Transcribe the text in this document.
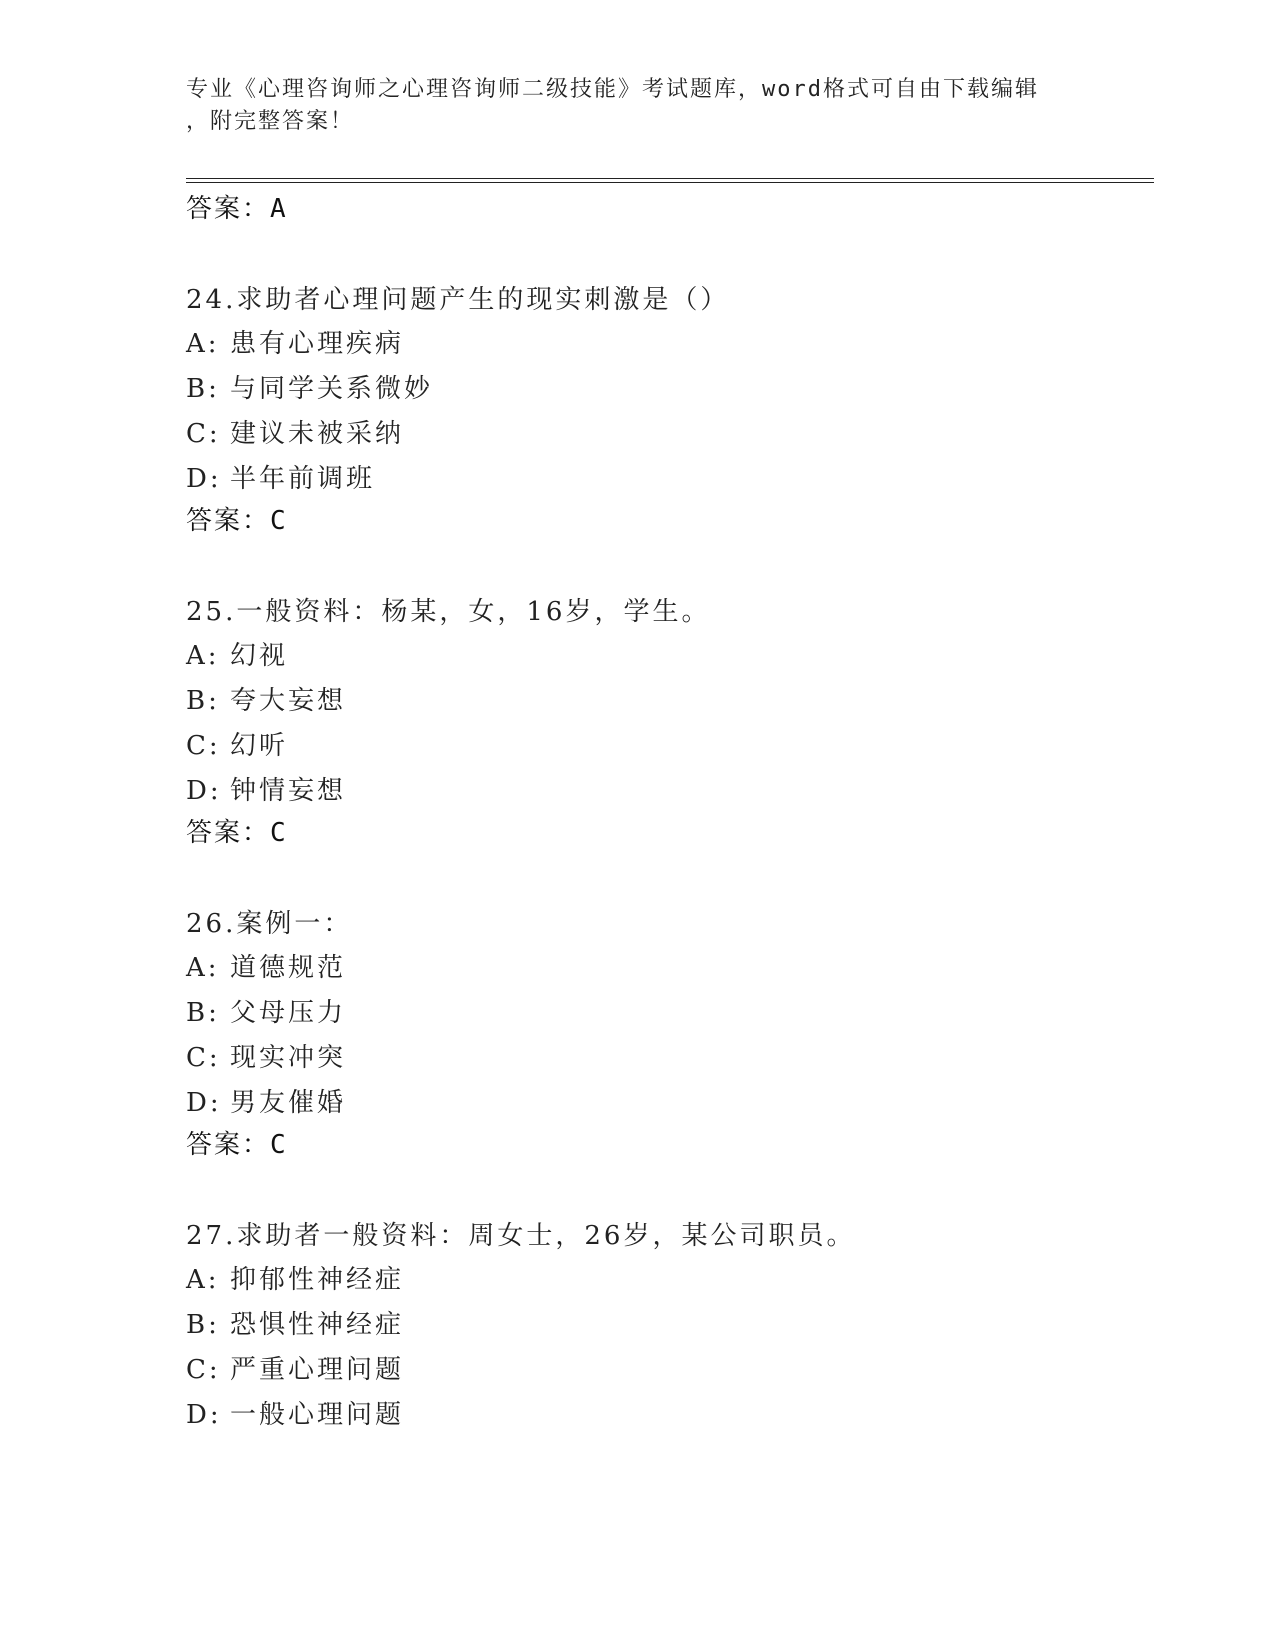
专业《心理咨询师之心理咨询师二级技能》考试题库，word格式可自由下载编辑
，附完整答案！
答案：A
24.求助者心理问题产生的现实刺激是（）
A: 患有心理疾病
B: 与同学关系微妙
C: 建议未被采纳
D: 半年前调班
答案：C
25.一般资料：杨某，女，16岁，学生。
A: 幻视
B: 夸大妄想
C: 幻听
D: 钟情妄想
答案：C
26.案例一：
A: 道德规范
B: 父母压力
C: 现实冲突
D: 男友催婚
答案：C
27.求助者一般资料：周女士，26岁，某公司职员。
A: 抑郁性神经症
B: 恐惧性神经症
C: 严重心理问题
D: 一般心理问题
